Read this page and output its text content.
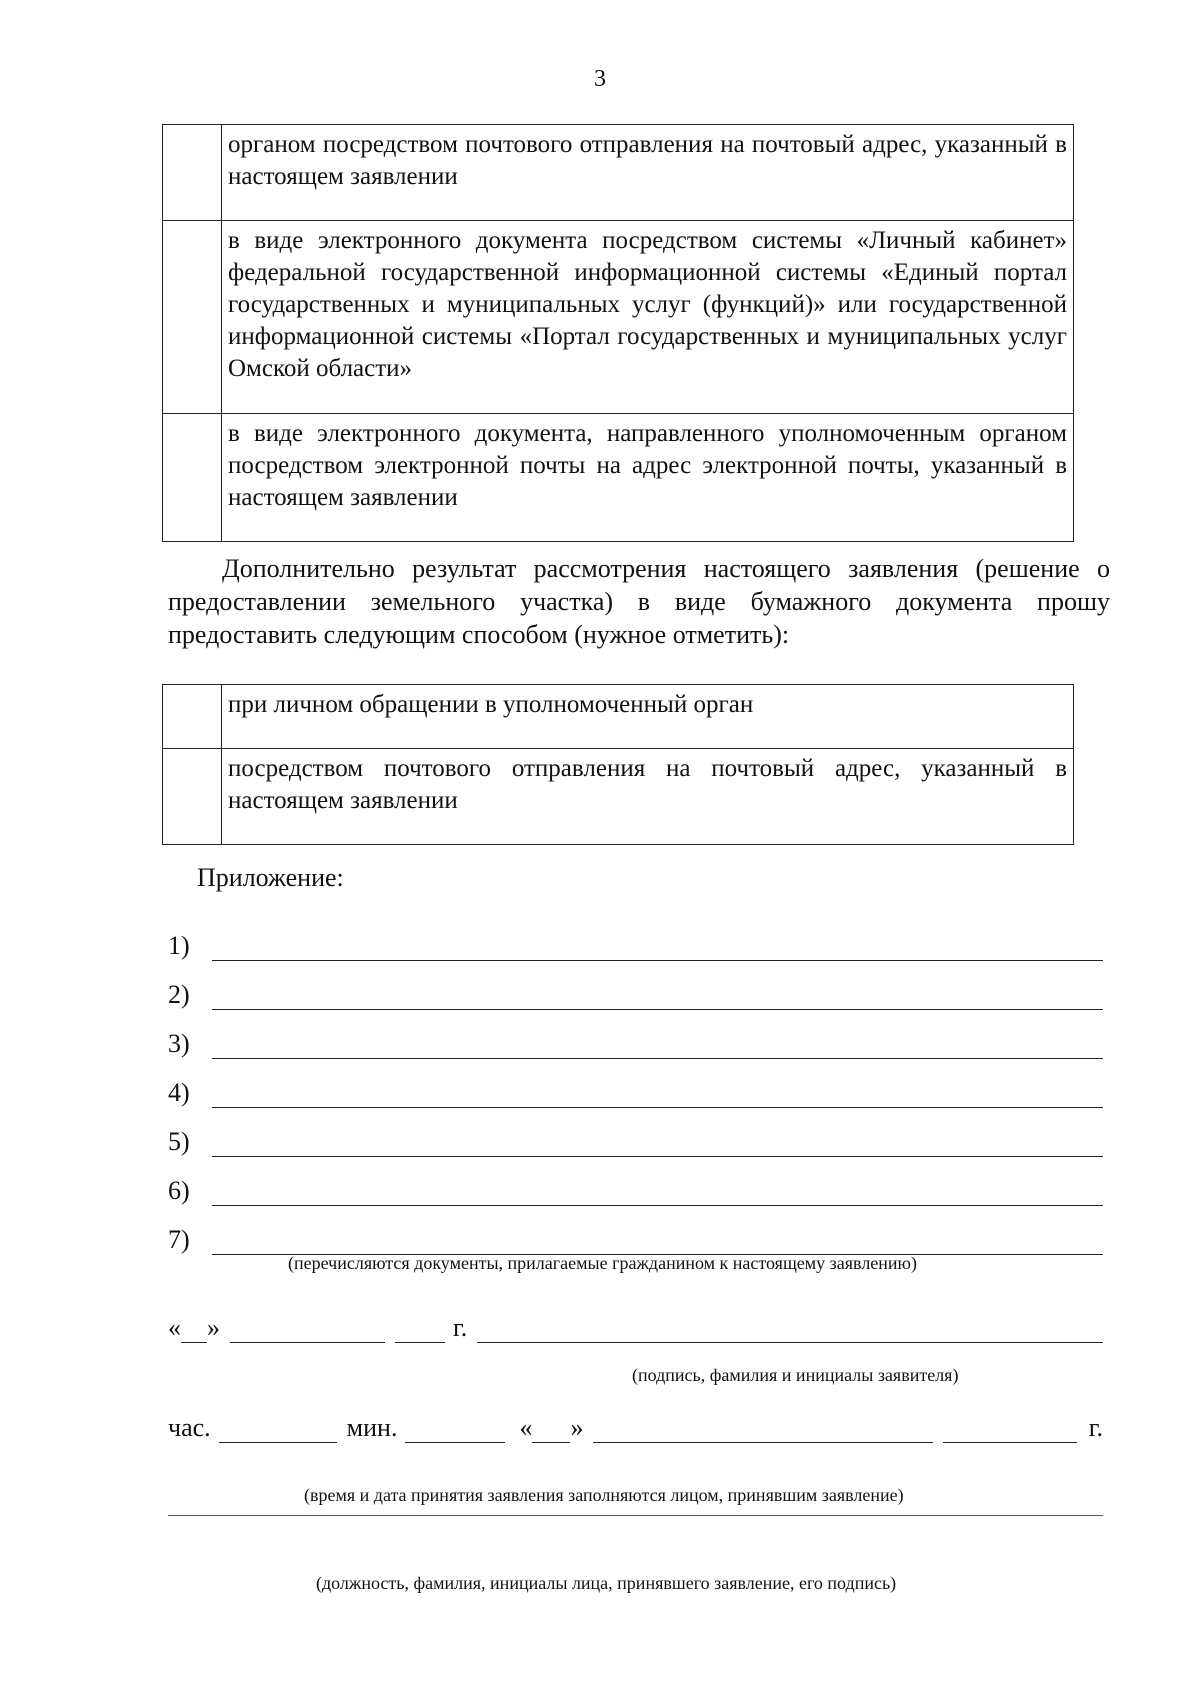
3
	органом посредством почтового отправления на почтовый адрес, указанный в настоящем заявлении
	в виде электронного документа посредством системы «Личный кабинет» федеральной государственной информационной системы «Единый портал государственных и муниципальных услуг (функций)» или государственной информационной системы «Портал государственных и муниципальных услуг Омской области»
	в виде электронного документа, направленного уполномоченным органом посредством электронной почты на адрес электронной почты, указанный в настоящем заявлении
Дополнительно результат рассмотрения настоящего заявления (решение о предоставлении земельного участка) в виде бумажного документа прошу предоставить следующим способом (нужное отметить):
	при личном обращении в уполномоченный орган
	посредством почтового отправления на почтовый адрес, указанный в настоящем заявлении
Приложение:
1)
2)
3)
4)
5)
6)
7)
(перечисляются документы, прилагаемые гражданином к настоящему заявлению)
« »	г.
(подпись, фамилия и инициалы заявителя)
час.	мин.	« »	г.
(время и дата принятия заявления заполняются лицом, принявшим заявление)
(должность, фамилия, инициалы лица, принявшего заявление, его подпись)
